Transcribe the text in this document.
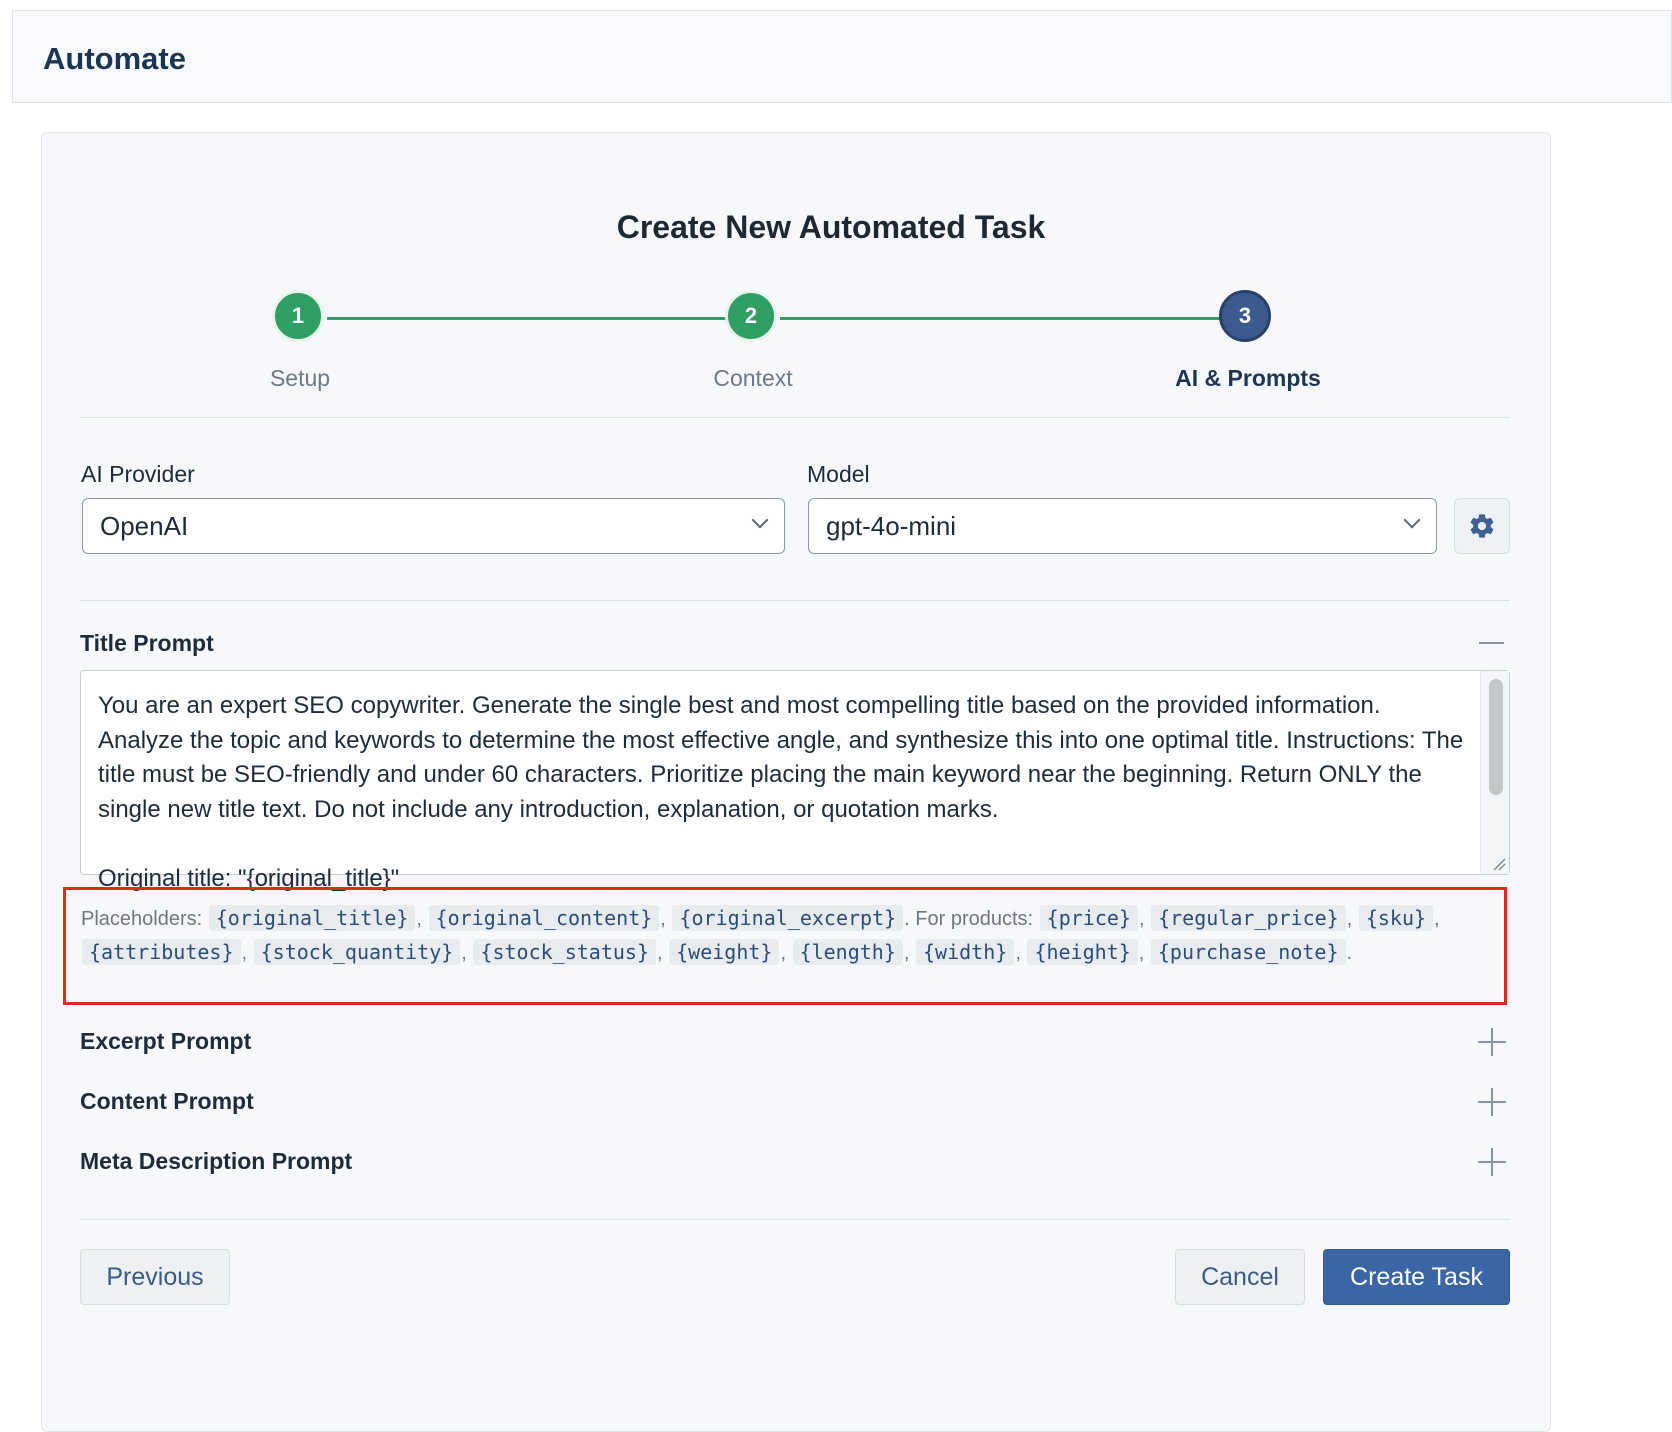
Automate
Create New Automated Task
1	2	3
Setup	Context	AI & Prompts
AI Provider
OpenAI
Model
gpt-4o-mini
Title Prompt
You are an expert SEO copywriter. Generate the single best and most compelling title based on the provided information. Analyze the topic and keywords to determine the most effective angle, and synthesize this into one optimal title. Instructions: The title must be SEO-friendly and under 60 characters. Prioritize placing the main keyword near the beginning. Return ONLY the single new title text. Do not include any introduction, explanation, or quotation marks.

Original title: "{original_title}"
Placeholders: {original_title} , {original_content} , {original_excerpt} . For products: {price} , {regular_price} , {sku} , {attributes} , {stock_quantity} , {stock_status} , {weight} , {length} , {width} , {height} , {purchase_note} .
Excerpt Prompt
Content Prompt
Meta Description Prompt
Previous	Cancel	Create Task
